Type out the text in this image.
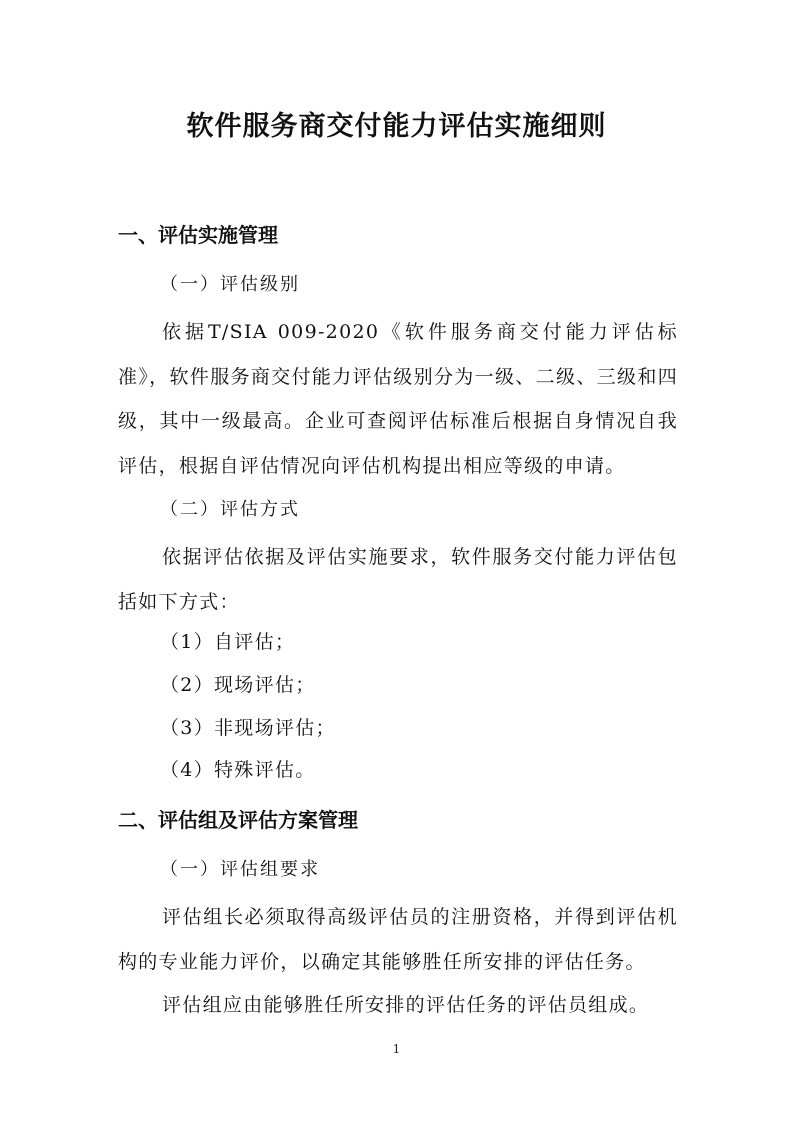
软件服务商交付能力评估实施细则
一、评估实施管理
（一）评估级别
依据T/SIA 009-2020《软件服务商交付能力评估标准》，软件服务商交付能力评估级别分为一级、二级、三级和四级，其中一级最高。企业可查阅评估标准后根据自身情况自我评估，根据自评估情况向评估机构提出相应等级的申请。
（二）评估方式
依据评估依据及评估实施要求，软件服务交付能力评估包括如下方式：
（1）自评估；
（2）现场评估；
（3）非现场评估；
（4）特殊评估。
二、评估组及评估方案管理
（一）评估组要求
评估组长必须取得高级评估员的注册资格，并得到评估机构的专业能力评价，以确定其能够胜任所安排的评估任务。
评估组应由能够胜任所安排的评估任务的评估员组成。
1
